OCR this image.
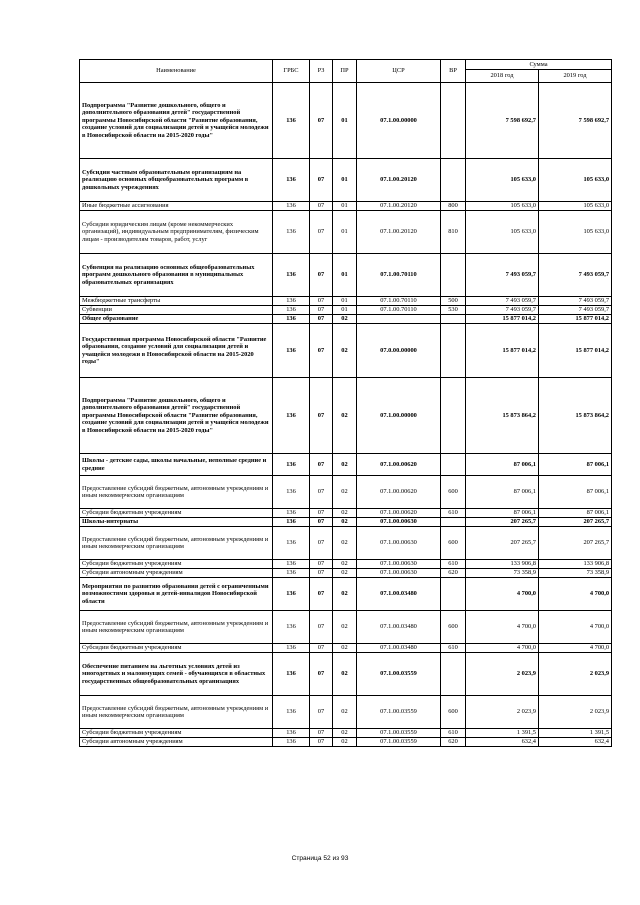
Наименование	ГРБС	РЗ	ПР	ЦСР	ВР	Сумма	
						2018 год	2019 год
Подпрограмма "Развитие дошкольного, общего и дополнительного образования детей" государственной программы Новосибирской области "Развитие образования, создание условий для социализации детей и учащейся молодежи в Новосибирской области на 2015-2020 годы"	136	07	01	07.1.00.00000		7 598 692,7	7 598 692,7
Субсидии частным образовательным организациям на реализацию основных общеобразовательных программ в дошкольных учреждениях	136	07	01	07.1.00.20120		105 633,0	105 633,0
Иные бюджетные ассигнования	136	07	01	07.1.00.20120	800	105 633,0	105 633,0
Субсидии юридическим лицам (кроме некоммерческих организаций), индивидуальным предпринимателям, физическим лицам - производителям товаров, работ, услуг	136	07	01	07.1.00.20120	810	105 633,0	105 633,0
Субвенция на реализацию основных общеобразовательных программ дошкольного образования в муниципальных образовательных организациях	136	07	01	07.1.00.70110		7 493 059,7	7 493 059,7
Межбюджетные трансферты	136	07	01	07.1.00.70110	500	7 493 059,7	7 493 059,7
Субвенции	136	07	01	07.1.00.70110	530	7 493 059,7	7 493 059,7
Общее образование	136	07	02			15 877 014,2	15 877 014,2
Государственная программа Новосибирской области "Развитие образования, создание условий для социализации детей и учащейся молодежи в Новосибирской области на 2015-2020 годы"	136	07	02	07.0.00.00000		15 877 014,2	15 877 014,2
Подпрограмма "Развитие дошкольного, общего и дополнительного образования детей" государственной программы Новосибирской области "Развитие образования, создание условий для социализации детей и учащейся молодежи в Новосибирской области на 2015-2020 годы"	136	07	02	07.1.00.00000		15 873 864,2	15 873 864,2
Школы - детские сады, школы начальные, неполные средние и средние	136	07	02	07.1.00.00620		87 006,1	87 006,1
Предоставление субсидий бюджетным, автономным учреждениям и иным некоммерческим организациям	136	07	02	07.1.00.00620	600	87 006,1	87 006,1
Субсидии бюджетным учреждениям	136	07	02	07.1.00.00620	610	87 006,1	87 006,1
Школы-интернаты	136	07	02	07.1.00.00630		207 265,7	207 265,7
Предоставление субсидий бюджетным, автономным учреждениям и иным некоммерческим организациям	136	07	02	07.1.00.00630	600	207 265,7	207 265,7
Субсидии бюджетным учреждениям	136	07	02	07.1.00.00630	610	133 906,8	133 906,8
Субсидии автономным учреждениям	136	07	02	07.1.00.00630	620	73 358,9	73 358,9
Мероприятия по развитию образования детей с ограниченными возможностями здоровья и детей-инвалидов Новосибирской области	136	07	02	07.1.00.03480		4 700,0	4 700,0
Предоставление субсидий бюджетным, автономным учреждениям и иным некоммерческим организациям	136	07	02	07.1.00.03480	600	4 700,0	4 700,0
Субсидии бюджетным учреждениям	136	07	02	07.1.00.03480	610	4 700,0	4 700,0
Обеспечение питанием на льготных условиях детей из многодетных и малоимущих семей - обучающихся в областных государственных общеобразовательных организациях	136	07	02	07.1.00.03559		2 023,9	2 023,9
Предоставление субсидий бюджетным, автономным учреждениям и иным некоммерческим организациям	136	07	02	07.1.00.03559	600	2 023,9	2 023,9
Субсидии бюджетным учреждениям	136	07	02	07.1.00.03559	610	1 391,5	1 391,5
Субсидии автономным учреждениям	136	07	02	07.1.00.03559	620	632,4	632,4
Страница 52 из 93
